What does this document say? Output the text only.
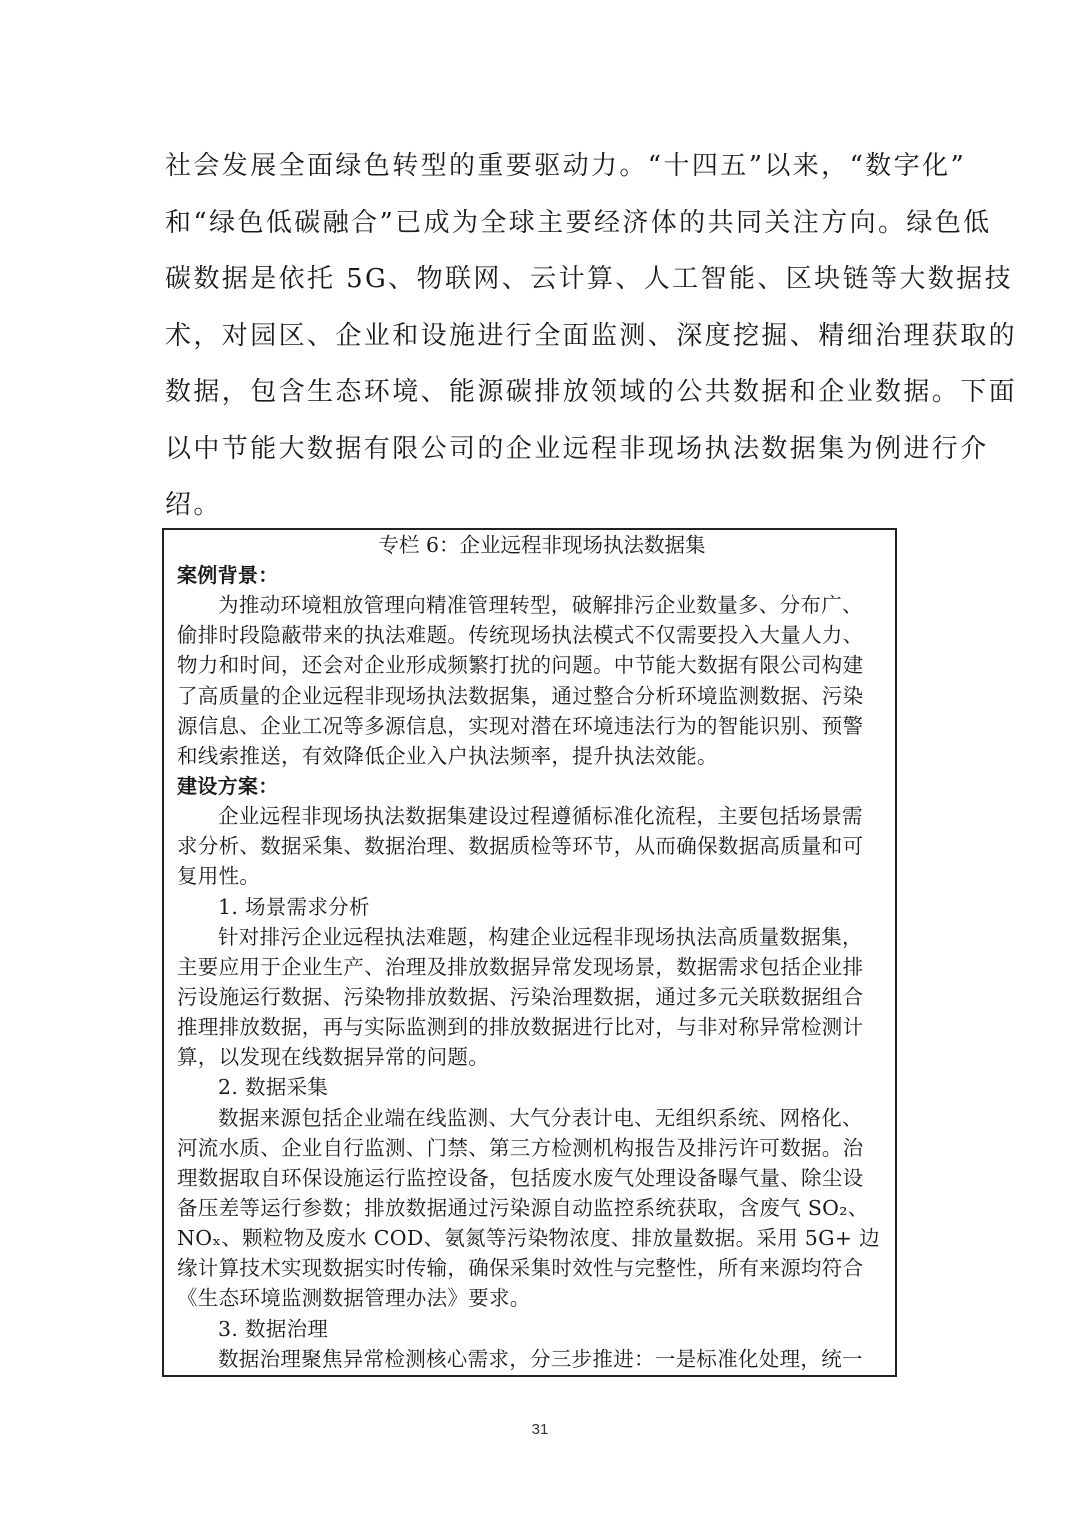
社会发展全面绿色转型的重要驱动力。“十四五”以来，“数字化”
和“绿色低碳融合”已成为全球主要经济体的共同关注方向。绿色低
碳数据是依托 5G、物联网、云计算、人工智能、区块链等大数据技
术，对园区、企业和设施进行全面监测、深度挖掘、精细治理获取的
数据，包含生态环境、能源碳排放领域的公共数据和企业数据。下面
以中节能大数据有限公司的企业远程非现场执法数据集为例进行介
绍。
专栏 6：企业远程非现场执法数据集
案例背景：
为推动环境粗放管理向精准管理转型，破解排污企业数量多、分布广、
偷排时段隐蔽带来的执法难题。传统现场执法模式不仅需要投入大量人力、
物力和时间，还会对企业形成频繁打扰的问题。中节能大数据有限公司构建
了高质量的企业远程非现场执法数据集，通过整合分析环境监测数据、污染
源信息、企业工况等多源信息，实现对潜在环境违法行为的智能识别、预警
和线索推送，有效降低企业入户执法频率，提升执法效能。
建设方案：
企业远程非现场执法数据集建设过程遵循标准化流程，主要包括场景需
求分析、数据采集、数据治理、数据质检等环节，从而确保数据高质量和可
复用性。
1. 场景需求分析
针对排污企业远程执法难题，构建企业远程非现场执法高质量数据集，
主要应用于企业生产、治理及排放数据异常发现场景，数据需求包括企业排
污设施运行数据、污染物排放数据、污染治理数据，通过多元关联数据组合
推理排放数据，再与实际监测到的排放数据进行比对，与非对称异常检测计
算，以发现在线数据异常的问题。
2. 数据采集
数据来源包括企业端在线监测、大气分表计电、无组织系统、网格化、
河流水质、企业自行监测、门禁、第三方检测机构报告及排污许可数据。治
理数据取自环保设施运行监控设备，包括废水废气处理设备曝气量、除尘设
备压差等运行参数；排放数据通过污染源自动监控系统获取，含废气 SO₂、
NOₓ、颗粒物及废水 COD、氨氮等污染物浓度、排放量数据。采用 5G+ 边
缘计算技术实现数据实时传输，确保采集时效性与完整性，所有来源均符合
《生态环境监测数据管理办法》要求。
3. 数据治理
数据治理聚焦异常检测核心需求，分三步推进：一是标准化处理，统一
31
